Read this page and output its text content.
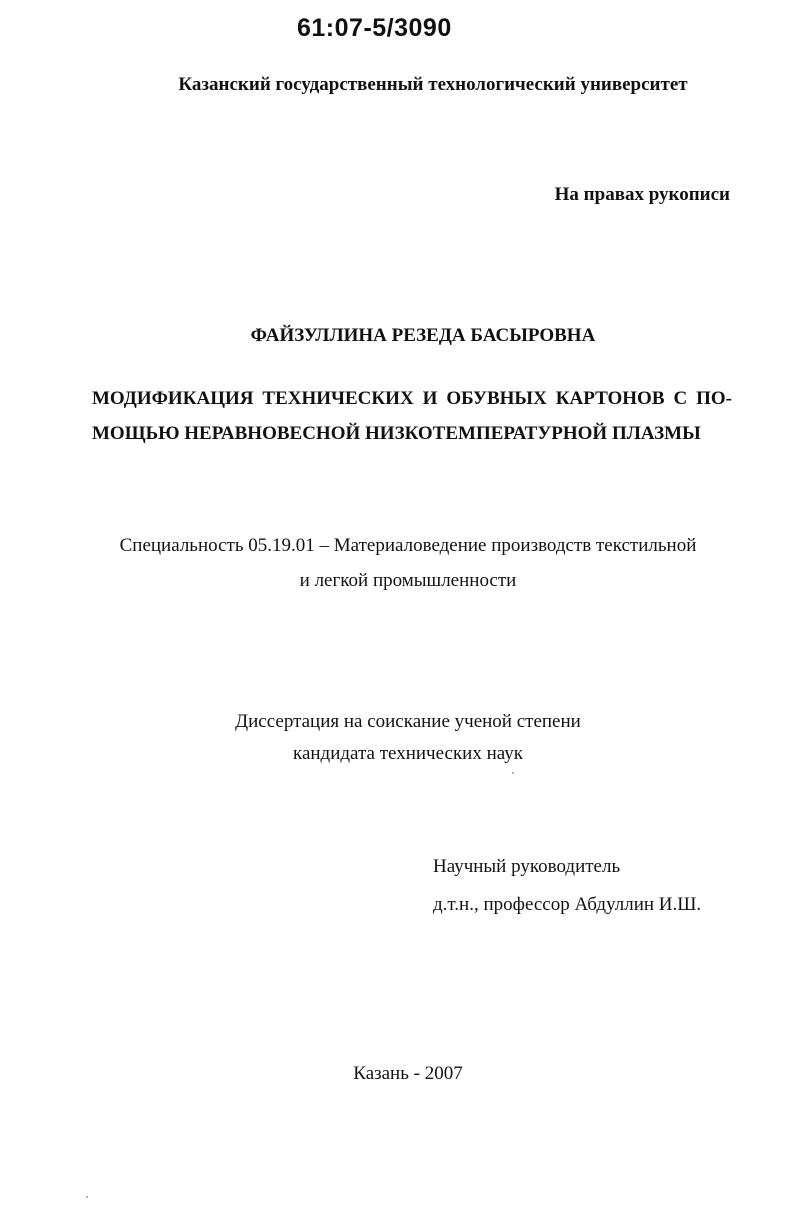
61:07-5/3090
Казанский государственный технологический университет
На правах рукописи
ФАЙЗУЛЛИНА РЕЗЕДА БАСЫРОВНА
МОДИФИКАЦИЯ ТЕХНИЧЕСКИХ И ОБУВНЫХ КАРТОНОВ С ПО-
МОЩЬЮ НЕРАВНОВЕСНОЙ НИЗКОТЕМПЕРАТУРНОЙ ПЛАЗМЫ
Специальность 05.19.01 – Материаловедение производств текстильной
и легкой промышленности
Диссертация на соискание ученой степени
кандидата технических наук
Научный руководитель
д.т.н., профессор Абдуллин И.Ш.
Казань - 2007
